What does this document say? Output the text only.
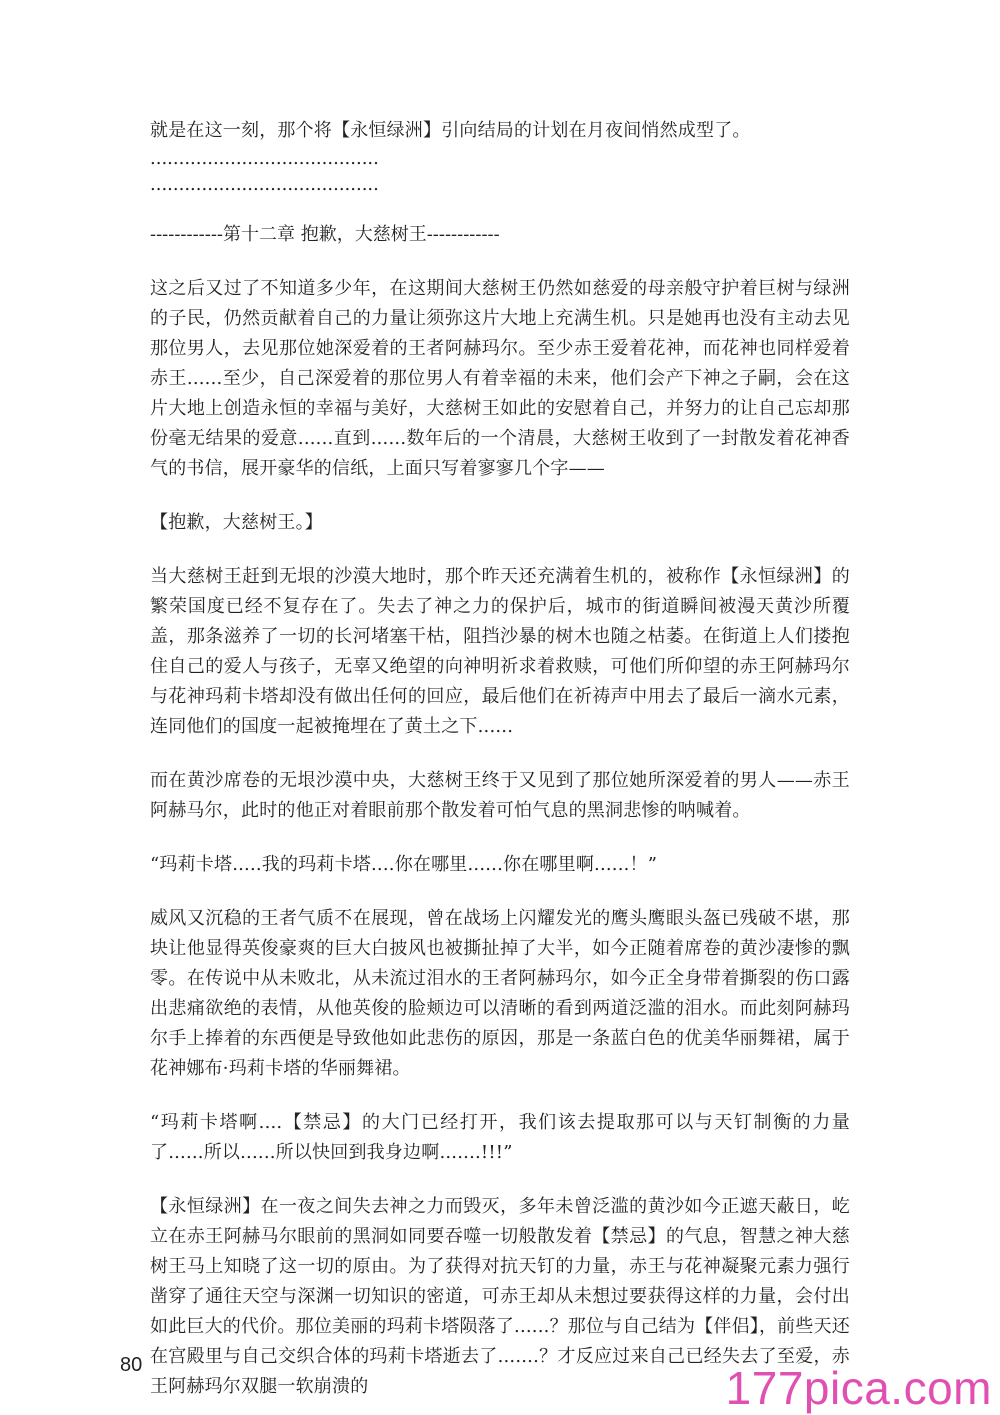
就是在这一刻，那个将【永恒绿洲】引向结局的计划在月夜间悄然成型了。

........................................

........................................

------------第十二章 抱歉，大慈树王------------

这之后又过了不知道多少年，在这期间大慈树王仍然如慈爱的母亲般守护着巨树与绿洲的子民，仍然贡献着自己的力量让须弥这片大地上充满生机。只是她再也没有主动去见那位男人，去见那位她深爱着的王者阿赫玛尔。至少赤王爱着花神，而花神也同样爱着赤王......至少，自己深爱着的那位男人有着幸福的未来，他们会产下神之子嗣，会在这片大地上创造永恒的幸福与美好，大慈树王如此的安慰着自己，并努力的让自己忘却那份毫无结果的爱意......直到......数年后的一个清晨，大慈树王收到了一封散发着花神香气的书信，展开豪华的信纸，上面只写着寥寥几个字——

【抱歉，大慈树王。】

当大慈树王赶到无垠的沙漠大地时，那个昨天还充满着生机的，被称作【永恒绿洲】的繁荣国度已经不复存在了。失去了神之力的保护后，城市的街道瞬间被漫天黄沙所覆盖，那条滋养了一切的长河堵塞干枯，阻挡沙暴的树木也随之枯萎。在街道上人们搂抱住自己的爱人与孩子，无辜又绝望的向神明祈求着救赎，可他们所仰望的赤王阿赫玛尔与花神玛莉卡塔却没有做出任何的回应，最后他们在祈祷声中用去了最后一滴水元素，连同他们的国度一起被掩埋在了黄土之下......

而在黄沙席卷的无垠沙漠中央，大慈树王终于又见到了那位她所深爱着的男人——赤王阿赫马尔，此时的他正对着眼前那个散发着可怕气息的黑洞悲惨的呐喊着。

“玛莉卡塔.....我的玛莉卡塔....你在哪里......你在哪里啊......！”

威风又沉稳的王者气质不在展现，曾在战场上闪耀发光的鹰头鹰眼头盔已残破不堪，那块让他显得英俊豪爽的巨大白披风也被撕扯掉了大半，如今正随着席卷的黄沙凄惨的飘零。在传说中从未败北，从未流过泪水的王者阿赫玛尔，如今正全身带着撕裂的伤口露出悲痛欲绝的表情，从他英俊的脸颊边可以清晰的看到两道泛滥的泪水。而此刻阿赫玛尔手上捧着的东西便是导致他如此悲伤的原因，那是一条蓝白色的优美华丽舞裙，属于花神娜布·玛莉卡塔的华丽舞裙。

“玛莉卡塔啊....【禁忌】的大门已经打开，我们该去提取那可以与天钉制衡的力量了......所以......所以快回到我身边啊.......!!!”

【永恒绿洲】在一夜之间失去神之力而毁灭，多年未曾泛滥的黄沙如今正遮天蔽日，屹立在赤王阿赫马尔眼前的黑洞如同要吞噬一切般散发着【禁忌】的气息，智慧之神大慈树王马上知晓了这一切的原由。为了获得对抗天钉的力量，赤王与花神凝聚元素力强行凿穿了通往天空与深渊一切知识的密道，可赤王却从未想过要获得这样的力量，会付出如此巨大的代价。那位美丽的玛莉卡塔陨落了......？那位与自己结为【伴侣】，前些天还在宫殿里与自己交织合体的玛莉卡塔逝去了.......？才反应过来自己已经失去了至爱，赤王阿赫玛尔双腿一软崩溃的

80	177pica.com
